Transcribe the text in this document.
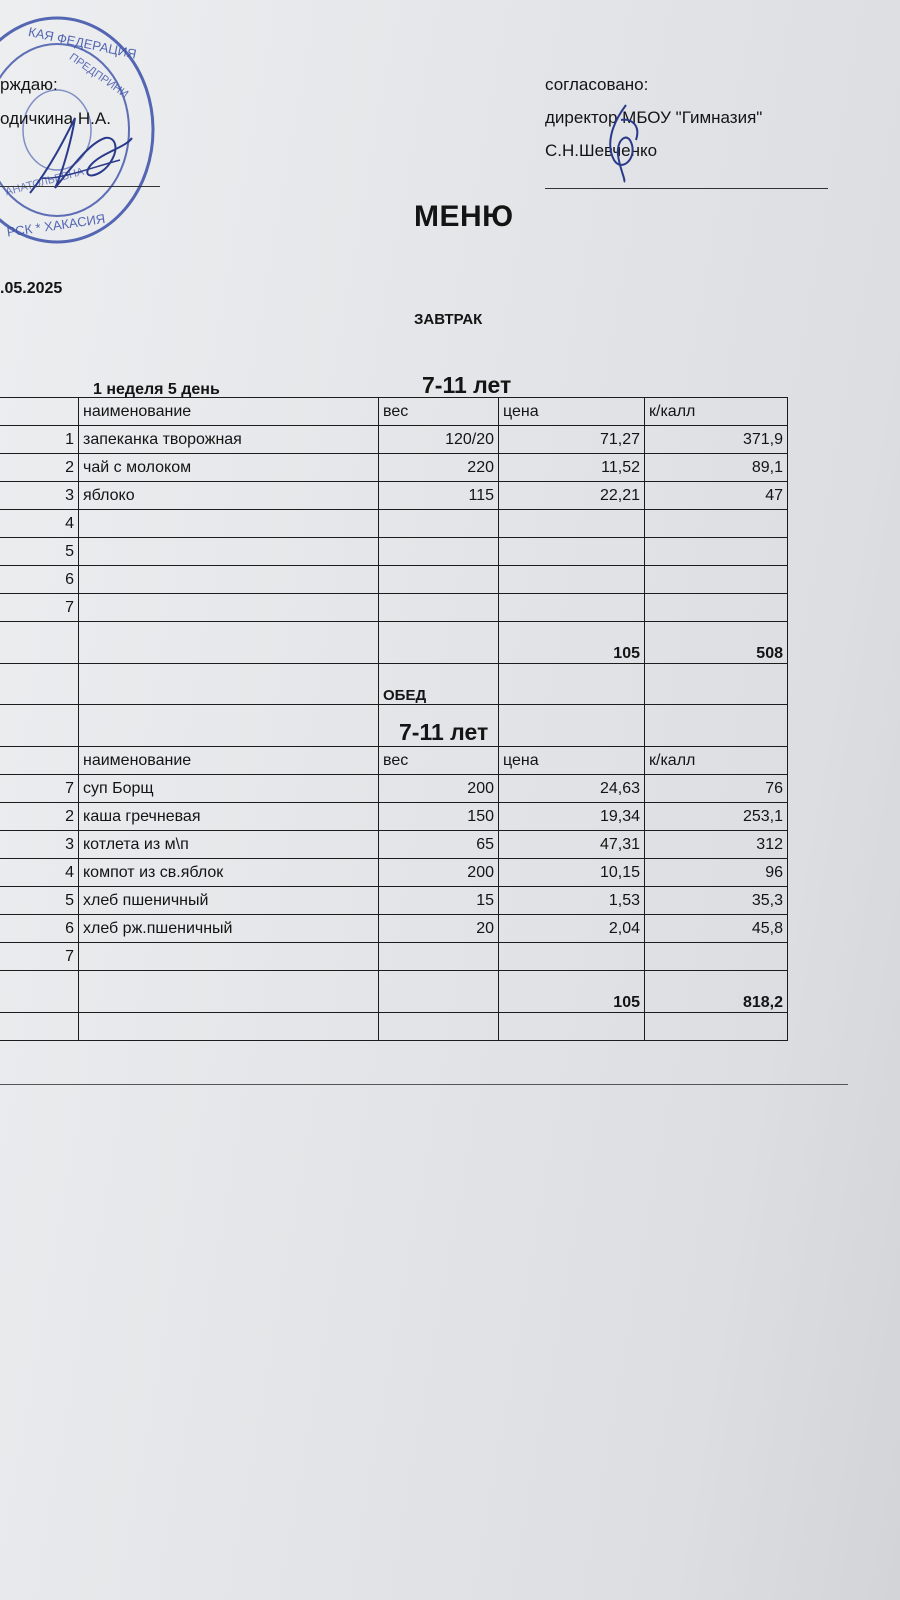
КАЯ ФЕДЕРАЦИЯ
ПРЕДПРИНИ
АНАТОЛЬЕВНА
РСК * ХАКАСИЯ
рждаю:
одичкина Н.А.
согласовано:
директор МБОУ "Гимназия"
С.Н.Шевченко
МЕНЮ
.05.2025
ЗАВТРАК
1 неделя 5 день	7-11 лет
	наименование	вес	цена	к/калл
1	запеканка творожная	120/20	71,27	371,9
2	чай с молоком	220	11,52	89,1
3	яблоко	115	22,21	47
4				
5				
6				
7				
			105	508
		ОБЕД		
		7-11 лет		
	наименование	вес	цена	к/калл
7	суп Борщ	200	24,63	76
2	каша гречневая	150	19,34	253,1
3	котлета из м\п	65	47,31	312
4	компот из св.яблок	200	10,15	96
5	хлеб пшеничный	15	1,53	35,3
6	хлеб рж.пшеничный	20	2,04	45,8
7				
			105	818,2
